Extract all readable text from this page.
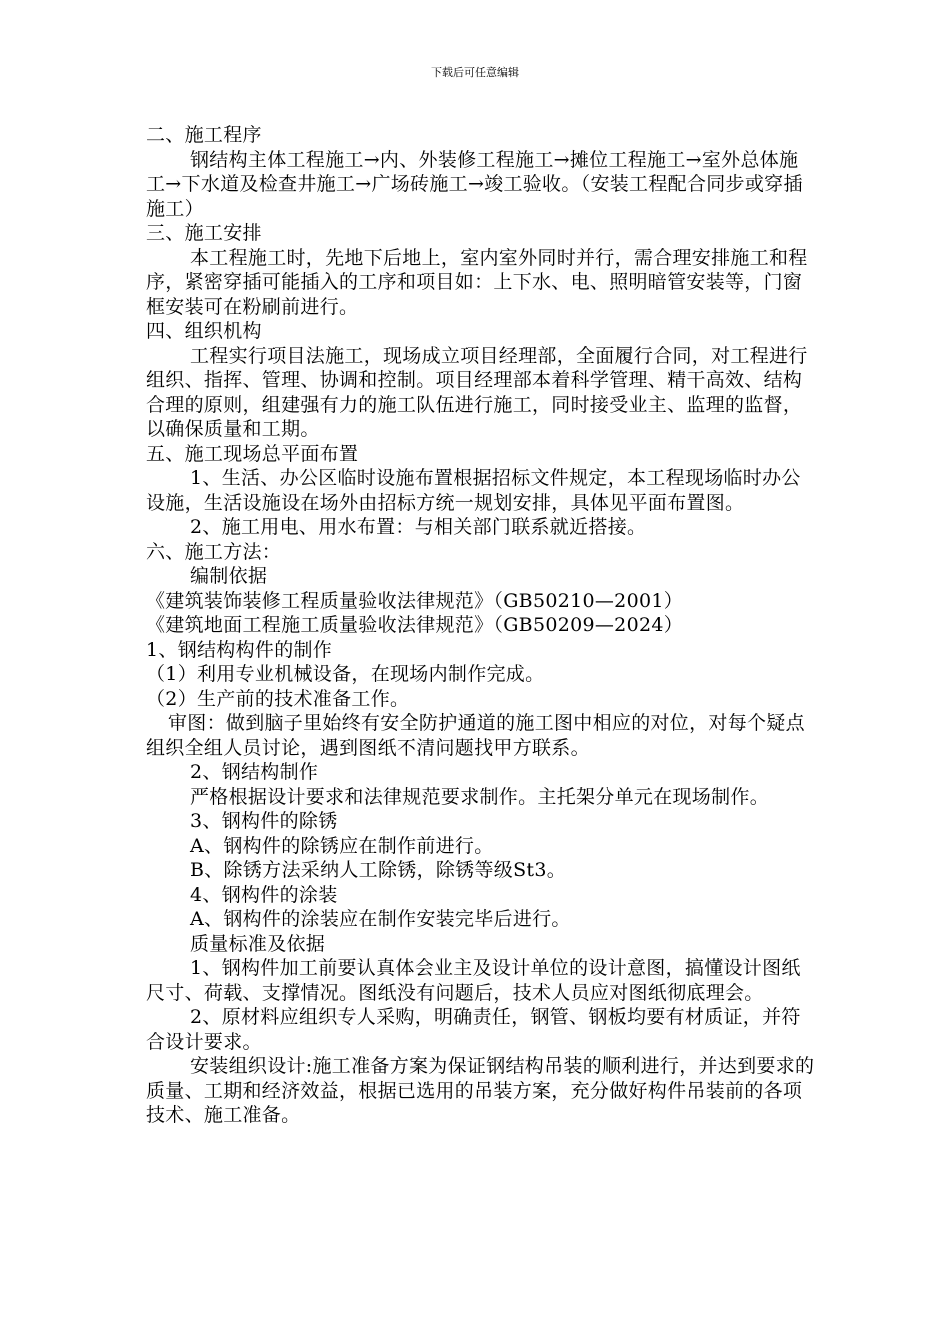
下载后可任意编辑

二、施工程序

钢结构主体工程施工→内、外装修工程施工→摊位工程施工→室外总体施工→下水道及检查井施工→广场砖施工→竣工验收。（安装工程配合同步或穿插施工）

三、施工安排

本工程施工时，先地下后地上，室内室外同时并行，需合理安排施工和程序，紧密穿插可能插入的工序和项目如：上下水、电、照明暗管安装等，门窗框安装可在粉刷前进行。

四、组织机构

工程实行项目法施工，现场成立项目经理部，全面履行合同，对工程进行组织、指挥、管理、协调和控制。项目经理部本着科学管理、精干高效、结构合理的原则，组建强有力的施工队伍进行施工，同时接受业主、监理的监督，以确保质量和工期。

五、施工现场总平面布置

1、生活、办公区临时设施布置根据招标文件规定，本工程现场临时办公设施，生活设施设在场外由招标方统一规划安排，具体见平面布置图。

2、施工用电、用水布置：与相关部门联系就近搭接。

六、施工方法：

编制依据

《建筑装饰装修工程质量验收法律规范》（GB50210—2001）

《建筑地面工程施工质量验收法律规范》（GB50209—2024）

1、钢结构构件的制作

（1）利用专业机械设备，在现场内制作完成。

（2）生产前的技术准备工作。

审图：做到脑子里始终有安全防护通道的施工图中相应的对位，对每个疑点组织全组人员讨论，遇到图纸不清问题找甲方联系。

2、钢结构制作

严格根据设计要求和法律规范要求制作。主托架分单元在现场制作。

3、钢构件的除锈

A、钢构件的除锈应在制作前进行。

B、除锈方法采纳人工除锈，除锈等级St3。

4、钢构件的涂装

A、钢构件的涂装应在制作安装完毕后进行。

质量标准及依据

1、钢构件加工前要认真体会业主及设计单位的设计意图，搞懂设计图纸尺寸、荷载、支撑情况。图纸没有问题后，技术人员应对图纸彻底理会。

2、原材料应组织专人采购，明确责任，钢管、钢板均要有材质证，并符合设计要求。

安装组织设计:施工准备方案为保证钢结构吊装的顺利进行，并达到要求的质量、工期和经济效益，根据已选用的吊装方案，充分做好构件吊装前的各项技术、施工准备。
